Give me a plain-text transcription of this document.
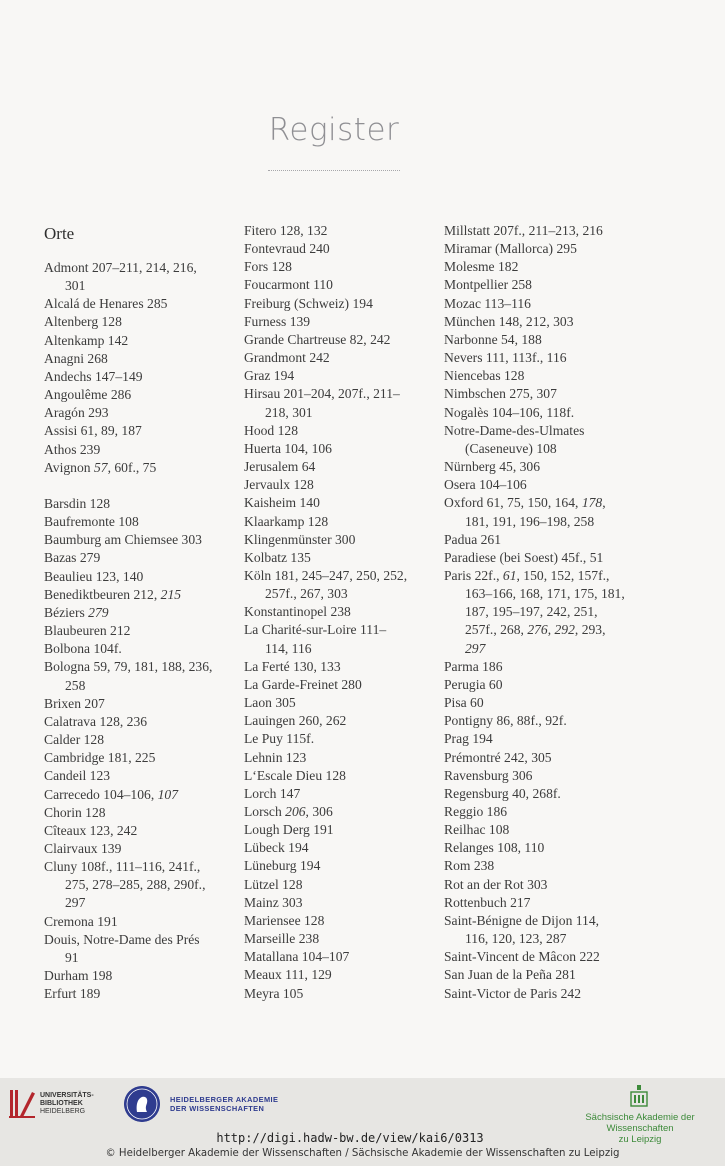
Register
Orte
Admont 207–211, 214, 216,
301
Alcalá de Henares 285
Altenberg 128
Altenkamp 142
Anagni 268
Andechs 147–149
Angoulême 286
Aragón 293
Assisi 61, 89, 187
Athos 239
Avignon 57, 60f., 75
Barsdin 128
Baufremonte 108
Baumburg am Chiemsee 303
Bazas 279
Beaulieu 123, 140
Benediktbeuren 212, 215
Béziers 279
Blaubeuren 212
Bolbona 104f.
Bologna 59, 79, 181, 188, 236,
258
Brixen 207
Calatrava 128, 236
Calder 128
Cambridge 181, 225
Candeil 123
Carrecedo 104–106, 107
Chorin 128
Cîteaux 123, 242
Clairvaux 139
Cluny 108f., 111–116, 241f.,
275, 278–285, 288, 290f.,
297
Cremona 191
Douis, Notre-Dame des Prés
91
Durham 198
Erfurt 189
Fitero 128, 132
Fontevraud 240
Fors 128
Foucarmont 110
Freiburg (Schweiz) 194
Furness 139
Grande Chartreuse 82, 242
Grandmont 242
Graz 194
Hirsau 201–204, 207f., 211–
218, 301
Hood 128
Huerta 104, 106
Jerusalem 64
Jervaulx 128
Kaisheim 140
Klaarkamp 128
Klingenmünster 300
Kolbatz 135
Köln 181, 245–247, 250, 252,
257f., 267, 303
Konstantinopel 238
La Charité-sur-Loire 111–
114, 116
La Ferté 130, 133
La Garde-Freinet 280
Laon 305
Lauingen 260, 262
Le Puy 115f.
Lehnin 123
L‘Escale Dieu 128
Lorch 147
Lorsch 206, 306
Lough Derg 191
Lübeck 194
Lüneburg 194
Lützel 128
Mainz 303
Mariensee 128
Marseille 238
Matallana 104–107
Meaux 111, 129
Meyra 105
Millstatt 207f., 211–213, 216
Miramar (Mallorca) 295
Molesme 182
Montpellier 258
Mozac 113–116
München 148, 212, 303
Narbonne 54, 188
Nevers 111, 113f., 116
Niencebas 128
Nimbschen 275, 307
Nogalès 104–106, 118f.
Notre-Dame-des-Ulmates
(Caseneuve) 108
Nürnberg 45, 306
Osera 104–106
Oxford 61, 75, 150, 164, 178,
181, 191, 196–198, 258
Padua 261
Paradiese (bei Soest) 45f., 51
Paris 22f., 61, 150, 152, 157f.,
163–166, 168, 171, 175, 181,
187, 195–197, 242, 251,
257f., 268, 276, 292, 293,
297
Parma 186
Perugia 60
Pisa 60
Pontigny 86, 88f., 92f.
Prag 194
Prémontré 242, 305
Ravensburg 306
Regensburg 40, 268f.
Reggio 186
Reilhac 108
Relanges 108, 110
Rom 238
Rot an der Rot 303
Rottenbuch 217
Saint-Bénigne de Dijon 114,
116, 120, 123, 287
Saint-Vincent de Mâcon 222
San Juan de la Peña 281
Saint-Victor de Paris 242
UNIVERSITÄTS-
BIBLIOTHEK
HEIDELBERG
HEIDELBERGER AKADEMIE
DER WISSENSCHAFTEN
Sächsische Akademie der Wissenschaften
zu Leipzig
http://digi.hadw-bw.de/view/kai6/0313
© Heidelberger Akademie der Wissenschaften / Sächsische Akademie der Wissenschaften zu Leipzig
